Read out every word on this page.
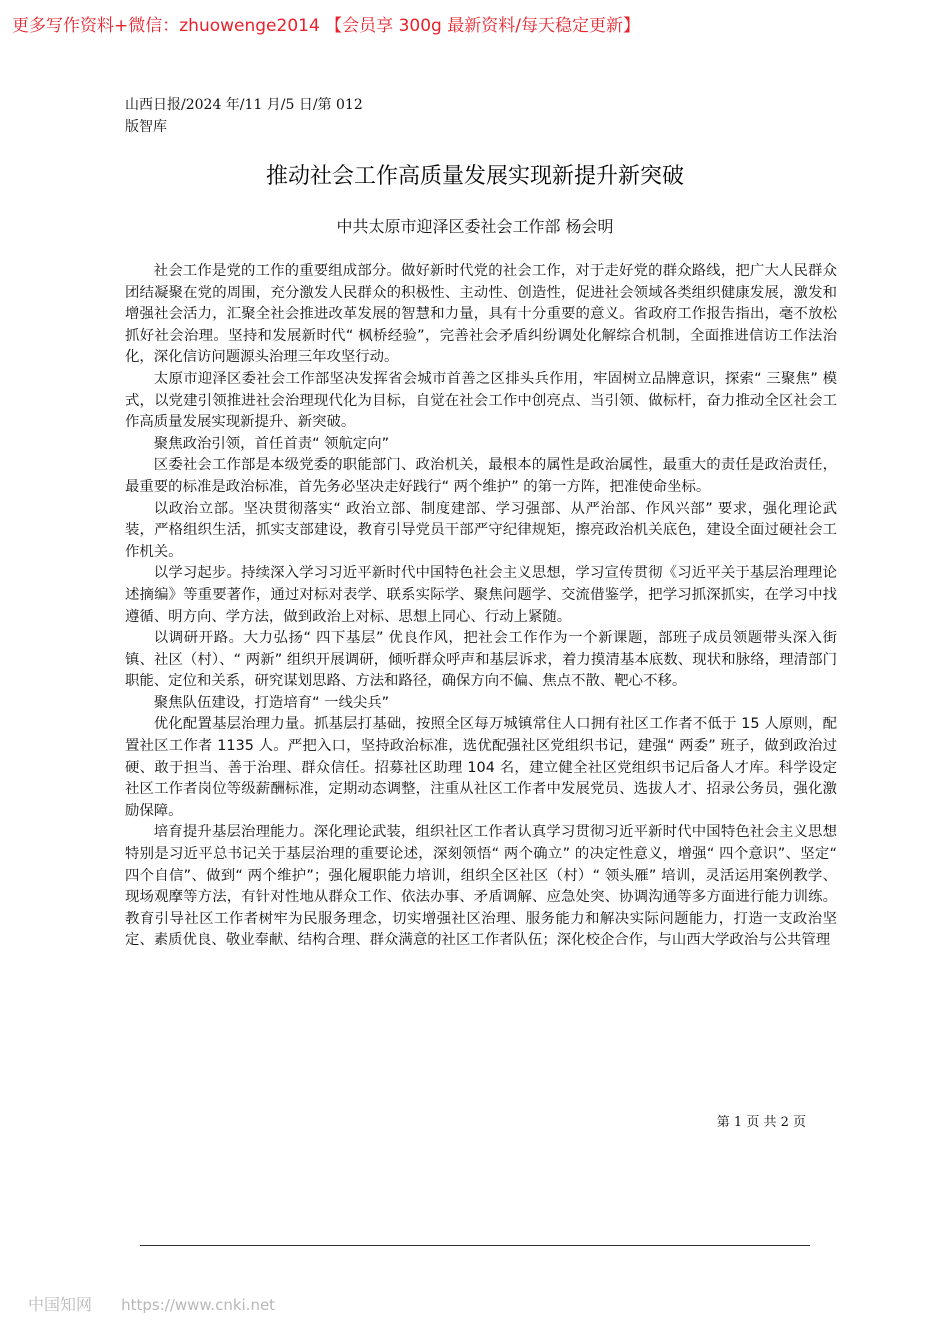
更多写作资料+微信：zhuowenge2014 【会员享 300g 最新资料/每天稳定更新】
山西日报/2024 年/11 月/5 日/第 012
版智库
推动社会工作高质量发展实现新提升新突破
中共太原市迎泽区委社会工作部 杨会明

社会工作是党的工作的重要组成部分。做好新时代党的社会工作，对于走好党的群众路线，把广大人民群众团结凝聚在党的周围，充分激发人民群众的积极性、主动性、创造性，促进社会领域各类组织健康发展，激发和增强社会活力，汇聚全社会推进改革发展的智慧和力量，具有十分重要的意义。省政府工作报告指出，毫不放松抓好社会治理。坚持和发展新时代“ 枫桥经验”，完善社会矛盾纠纷调处化解综合机制，全面推进信访工作法治化，深化信访问题源头治理三年攻坚行动。

太原市迎泽区委社会工作部坚决发挥省会城市首善之区排头兵作用，牢固树立品牌意识，探索“ 三聚焦” 模式，以党建引领推进社会治理现代化为目标，自觉在社会工作中创亮点、当引领、做标杆，奋力推动全区社会工作高质量发展实现新提升、新突破。

聚焦政治引领，首任首责“ 领航定向”

区委社会工作部是本级党委的职能部门、政治机关，最根本的属性是政治属性，最重大的责任是政治责任，最重要的标准是政治标准，首先务必坚决走好践行“ 两个维护” 的第一方阵，把准使命坐标。

以政治立部。坚决贯彻落实“ 政治立部、制度建部、学习强部、从严治部、作风兴部” 要求，强化理论武装，严格组织生活，抓实支部建设，教育引导党员干部严守纪律规矩，擦亮政治机关底色，建设全面过硬社会工作机关。

以学习起步。持续深入学习习近平新时代中国特色社会主义思想，学习宣传贯彻《习近平关于基层治理理论述摘编》等重要著作，通过对标对表学、联系实际学、聚焦问题学、交流借鉴学，把学习抓深抓实，在学习中找遵循、明方向、学方法，做到政治上对标、思想上同心、行动上紧随。

以调研开路。大力弘扬“ 四下基层” 优良作风，把社会工作作为一个新课题，部班子成员领题带头深入街镇、社区（村）、“ 两新” 组织开展调研，倾听群众呼声和基层诉求，着力摸清基本底数、现状和脉络，理清部门职能、定位和关系，研究谋划思路、方法和路径，确保方向不偏、焦点不散、靶心不移。

聚焦队伍建设，打造培育“ 一线尖兵”

优化配置基层治理力量。抓基层打基础，按照全区每万城镇常住人口拥有社区工作者不低于 15 人原则，配置社区工作者 1135 人。严把入口，坚持政治标准，选优配强社区党组织书记，建强“ 两委” 班子，做到政治过硬、敢于担当、善于治理、群众信任。招募社区助理 104 名，建立健全社区党组织书记后备人才库。科学设定社区工作者岗位等级薪酬标准，定期动态调整，注重从社区工作者中发展党员、选拔人才、招录公务员，强化激励保障。

培育提升基层治理能力。深化理论武装，组织社区工作者认真学习贯彻习近平新时代中国特色社会主义思想特别是习近平总书记关于基层治理的重要论述，深刻领悟“ 两个确立” 的决定性意义，增强“ 四个意识”、坚定“ 四个自信”、做到“ 两个维护”；强化履职能力培训，组织全区社区（村）“ 领头雁” 培训，灵活运用案例教学、现场观摩等方法，有针对性地从群众工作、依法办事、矛盾调解、应急处突、协调沟通等多方面进行能力训练。教育引导社区工作者树牢为民服务理念，切实增强社区治理、服务能力和解决实际问题能力，打造一支政治坚定、素质优良、敬业奉献、结构合理、群众满意的社区工作者队伍；深化校企合作，与山西大学政治与公共管理

第 1 页 共 2 页
中国知网 https://www.cnki.net
